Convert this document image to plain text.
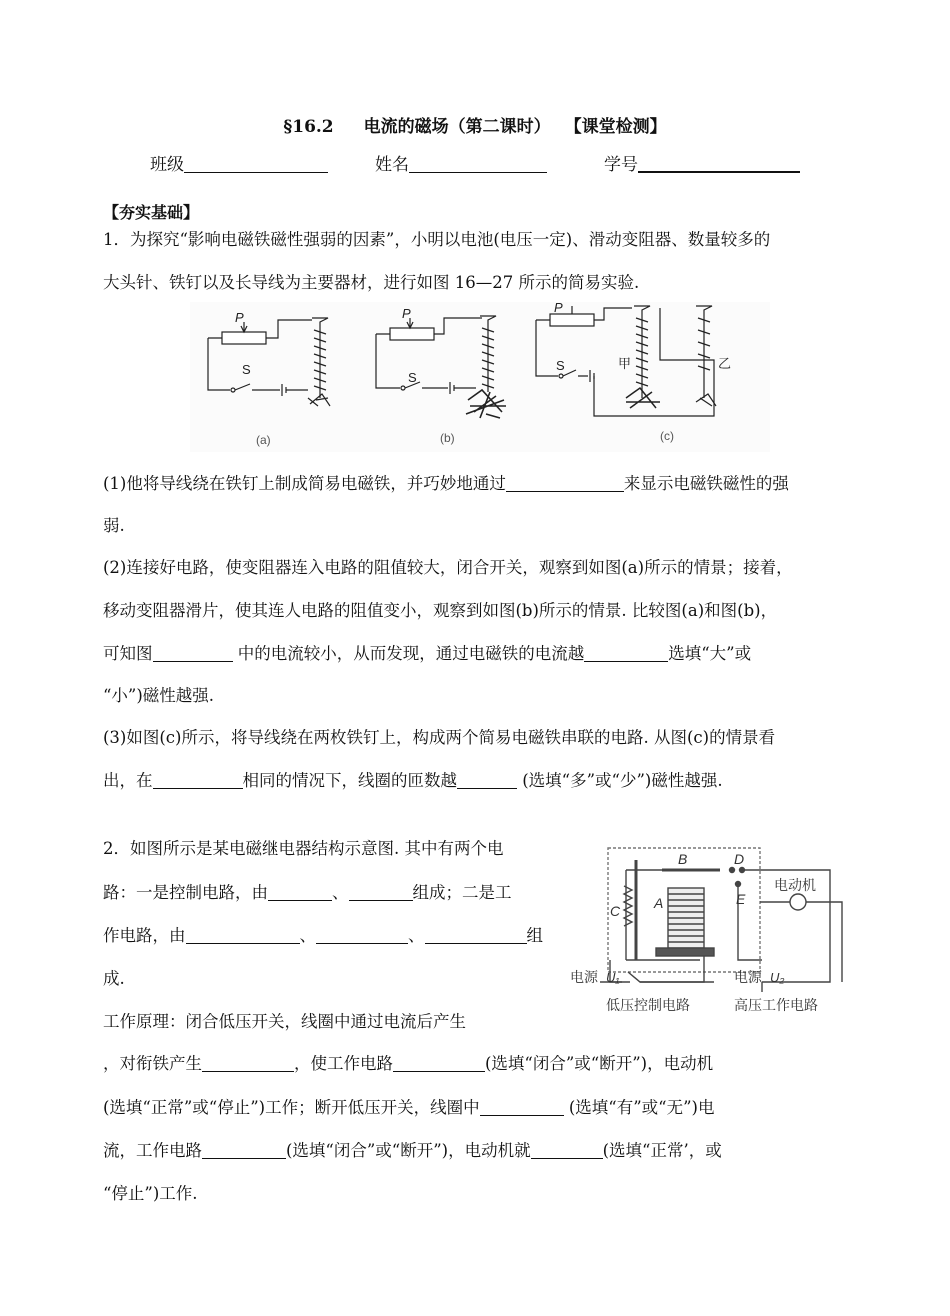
§16.2 电流的磁场（第二课时） 【课堂检测】
班级	姓名	学号
【夯实基础】
1．为探究“影响电磁铁磁性强弱的因素”，小明以电池(电压一定)、滑动变阻器、数量较多的
大头针、铁钉以及长导线为主要器材，进行如图 16—27 所示的简易实验.
P
S
P
S
P
S	甲	乙
(a)	(b)	(c)
(1)他将导线绕在铁钉上制成简易电磁铁，并巧妙地通过	来显示电磁铁磁性的强
弱.
(2)连接好电路，使变阻器连入电路的阻值较大，闭合开关，观察到如图(a)所示的情景；接着，
移动变阻器滑片，使其连人电路的阻值变小，观察到如图(b)所示的情景. 比较图(a)和图(b)，
可知图	中的电流较小，从而发现，通过电磁铁的电流越	选填“大”或
“小”)磁性越强.
(3)如图(c)所示，将导线绕在两枚铁钉上，构成两个简易电磁铁串联的电路. 从图(c)的情景看
出，在	相同的情况下，线圈的匝数越	(选填“多”或“少”)磁性越强.
2．如图所示是某电磁继电器结构示意图. 其中有两个电
路：一是控制电路，由	、	组成；二是工
作电路，由	、	、	组
成.
工作原理：闭合低压开关，线圈中通过电流后产生
B	D
C A	E
电动机
电源 U₁	电源 U₂
低压控制电路	高压工作电路
，对衔铁产生	，使工作电路	(选填“闭合”或“断开”)，电动机
(选填“正常”或“停止”)工作；断开低压开关，线圈中	(选填“有”或“无”)电
流，工作电路	(选填“闭合”或“断开”)，电动机就	(选填“正常’，或
“停止”)工作.
